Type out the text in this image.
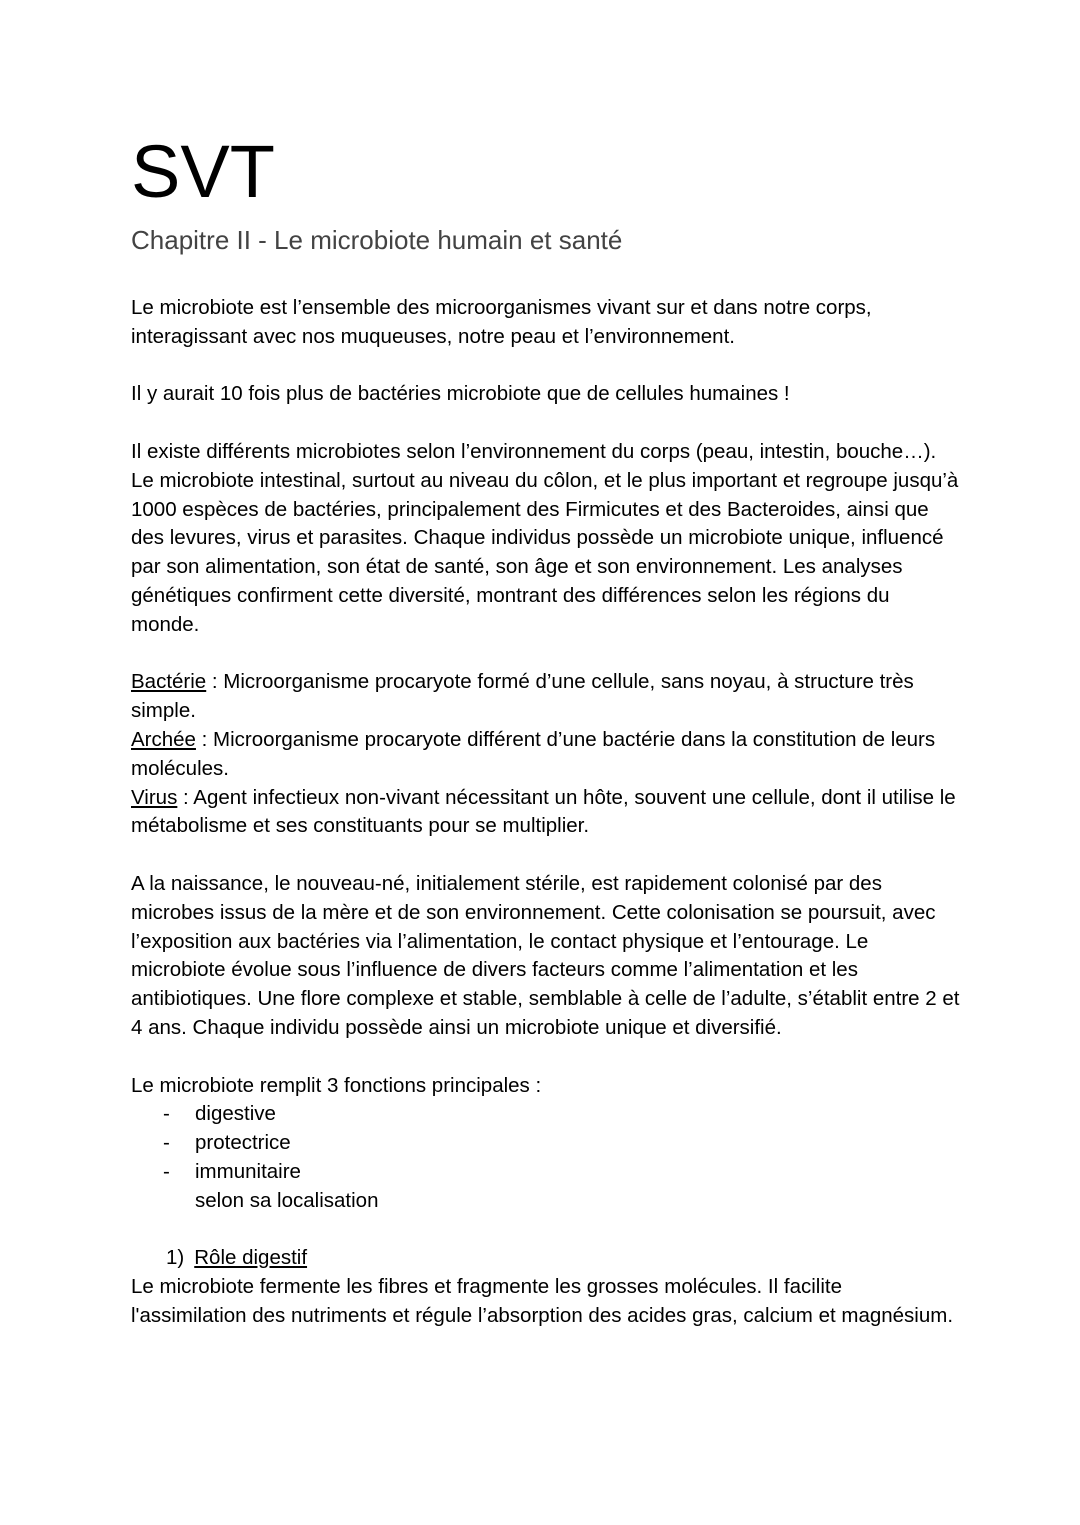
SVT
Chapitre II - Le microbiote humain et santé

Le microbiote est l’ensemble des microorganismes vivant sur et dans notre corps, interagissant avec nos muqueuses, notre peau et l’environnement.

Il y aurait 10 fois plus de bactéries microbiote que de cellules humaines !

Il existe différents microbiotes selon l’environnement du corps (peau, intestin, bouche…). Le microbiote intestinal, surtout au niveau du côlon, et le plus important et regroupe jusqu’à 1000 espèces de bactéries, principalement des Firmicutes et des Bacteroides, ainsi que des levures, virus et parasites. Chaque individus possède un microbiote unique, influencé par son alimentation, son état de santé, son âge et son environnement. Les analyses génétiques confirment cette diversité, montrant des différences selon les régions du monde.

Bactérie : Microorganisme procaryote formé d’une cellule, sans noyau, à structure très simple.

Archée : Microorganisme procaryote différent d’une bactérie dans la constitution de leurs molécules.

Virus : Agent infectieux non-vivant nécessitant un hôte, souvent une cellule, dont il utilise le métabolisme et ses constituants pour se multiplier.

A la naissance, le nouveau-né, initialement stérile, est rapidement colonisé par des microbes issus de la mère et de son environnement. Cette colonisation se poursuit, avec l’exposition aux bactéries via l’alimentation, le contact physique et l’entourage. Le microbiote évolue sous l’influence de divers facteurs comme l’alimentation et les antibiotiques. Une flore complexe et stable, semblable à celle de l’adulte, s’établit entre 2 et 4 ans. Chaque individu possède ainsi un microbiote unique et diversifié.

Le microbiote remplit 3 fonctions principales :

- digestive
- protectrice
- immunitaire
selon sa localisation
1) Rôle digestif

Le microbiote fermente les fibres et fragmente les grosses molécules. Il facilite l'assimilation des nutriments et régule l’absorption des acides gras, calcium et magnésium.
